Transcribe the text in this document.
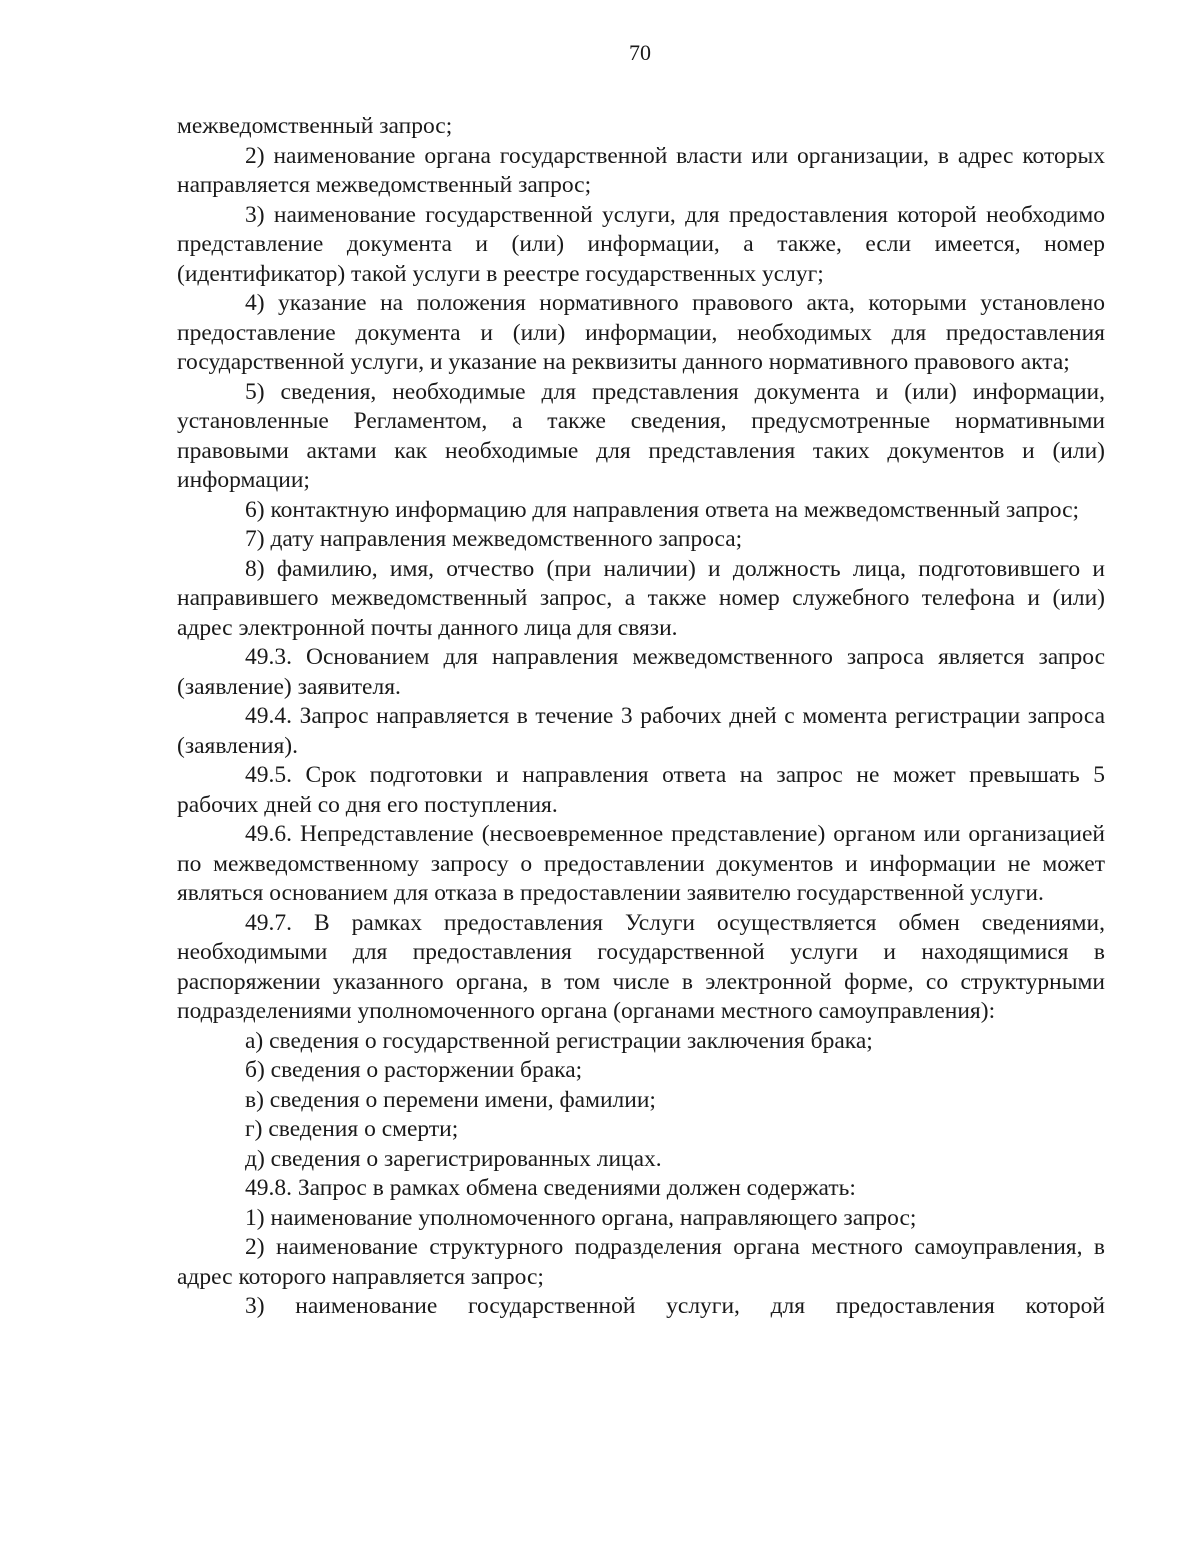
70

межведомственный запрос;

2) наименование органа государственной власти или организации, в адрес которых направляется межведомственный запрос;

3) наименование государственной услуги, для предоставления которой необходимо представление документа и (или) информации, а также, если имеется, номер (идентификатор) такой услуги в реестре государственных услуг;

4) указание на положения нормативного правового акта, которыми установлено предоставление документа и (или) информации, необходимых для предоставления государственной услуги, и указание на реквизиты данного нормативного правового акта;

5) сведения, необходимые для представления документа и (или) информации, установленные Регламентом, а также сведения, предусмотренные нормативными правовыми актами как необходимые для представления таких документов и (или) информации;

6) контактную информацию для направления ответа на межведомственный запрос;

7) дату направления межведомственного запроса;

8) фамилию, имя, отчество (при наличии) и должность лица, подготовившего и направившего межведомственный запрос, а также номер служебного телефона и (или) адрес электронной почты данного лица для связи.

49.3. Основанием для направления межведомственного запроса является запрос (заявление) заявителя.

49.4. Запрос направляется в течение 3 рабочих дней с момента регистрации запроса (заявления).

49.5. Срок подготовки и направления ответа на запрос не может превышать 5 рабочих дней со дня его поступления.

49.6. Непредставление (несвоевременное представление) органом или организацией по межведомственному запросу о предоставлении документов и информации не может являться основанием для отказа в предоставлении заявителю государственной услуги.

49.7. В рамках предоставления Услуги осуществляется обмен сведениями, необходимыми для предоставления государственной услуги и находящимися в распоряжении указанного органа, в том числе в электронной форме, со структурными подразделениями уполномоченного органа (органами местного самоуправления):

а) сведения о государственной регистрации заключения брака;

б) сведения о расторжении брака;

в) сведения о перемени имени, фамилии;

г) сведения о смерти;

д) сведения о зарегистрированных лицах.

49.8. Запрос в рамках обмена сведениями должен содержать:

1) наименование уполномоченного органа, направляющего запрос;

2) наименование структурного подразделения органа местного самоуправления, в адрес которого направляется запрос;

3) наименование государственной услуги, для предоставления которой
